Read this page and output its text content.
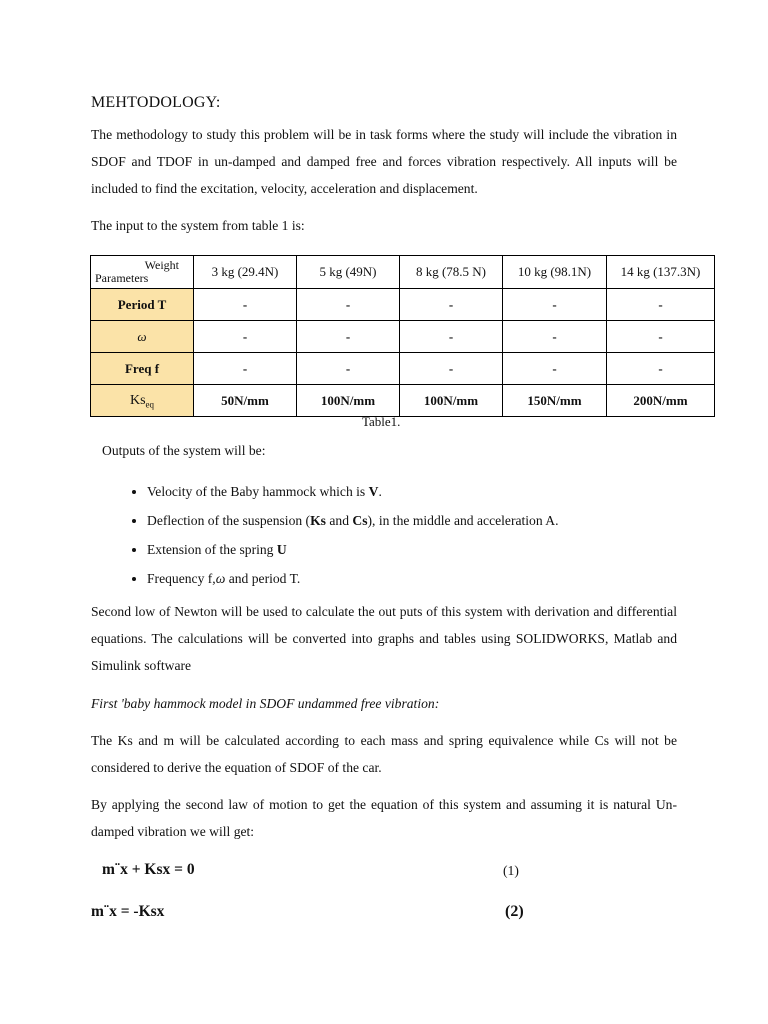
MEHTODOLOGY:
The methodology to study this problem will be in task forms where the study will include the vibration in SDOF and TDOF in un-damped and damped free and forces vibration respectively. All inputs will be included to find the excitation, velocity, acceleration and displacement.
The input to the system from table 1 is:
Weight
Parameters	3 kg (29.4N)	5 kg (49N)	8 kg (78.5 N)	10 kg (98.1N)	14 kg (137.3N)
Period T	-	-	-	-	-
ω	-	-	-	-	-
Freq f	-	-	-	-	-
$Ks_{eq}$	50N/mm	100N/mm	100N/mm	150N/mm	200N/mm
Table1.
Outputs of the system will be:
• Velocity of the Baby hammock which is V.
• Deflection of the suspension (Ks and Cs), in the middle and acceleration A.
• Extension of the spring U
• Frequency f,ω and period T.
Second low of Newton will be used to calculate the out puts of this system with derivation and differential equations. The calculations will be converted into graphs and tables using SOLIDWORKS, Matlab and Simulink software
First 'baby hammock model in SDOF undammed free vibration:
The Ks and m will be calculated according to each mass and spring equivalence while Cs will not be considered to derive the equation of SDOF of the car.
By applying the second law of motion to get the equation of this system and assuming it is natural Un-damped vibration we will get:
m¨x + Ksx = 0	(1)
m¨x = -Ksx	(2)
